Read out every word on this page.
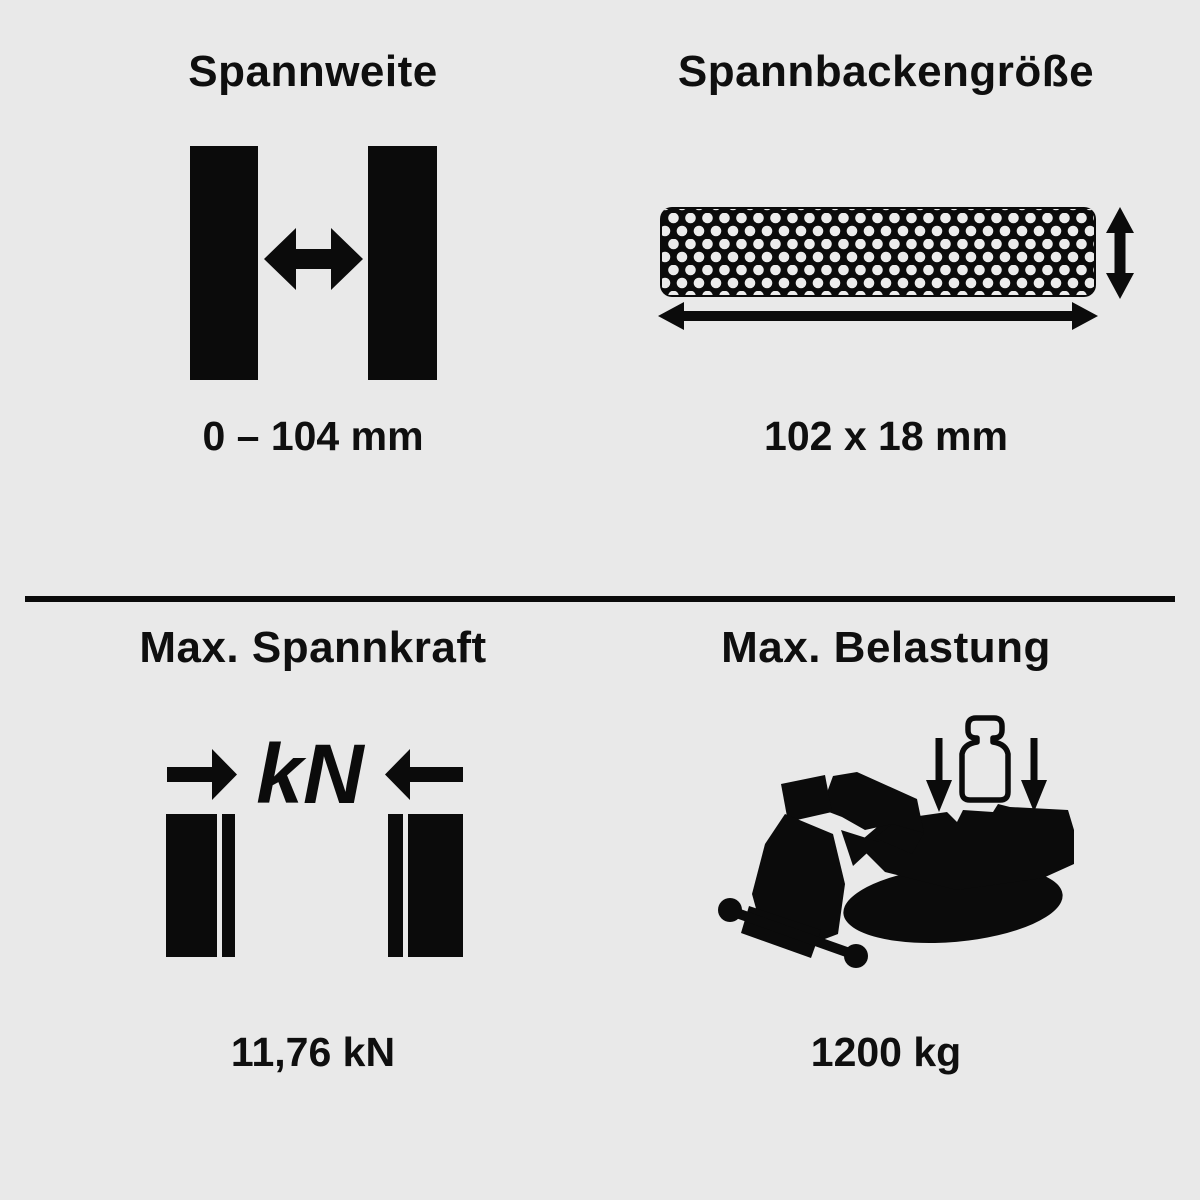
Spannweite
0 – 104 mm
Spannbackengröße
102 x 18 mm
Max. Spannkraft
kN
11,76 kN
Max. Belastung
1200 kg
